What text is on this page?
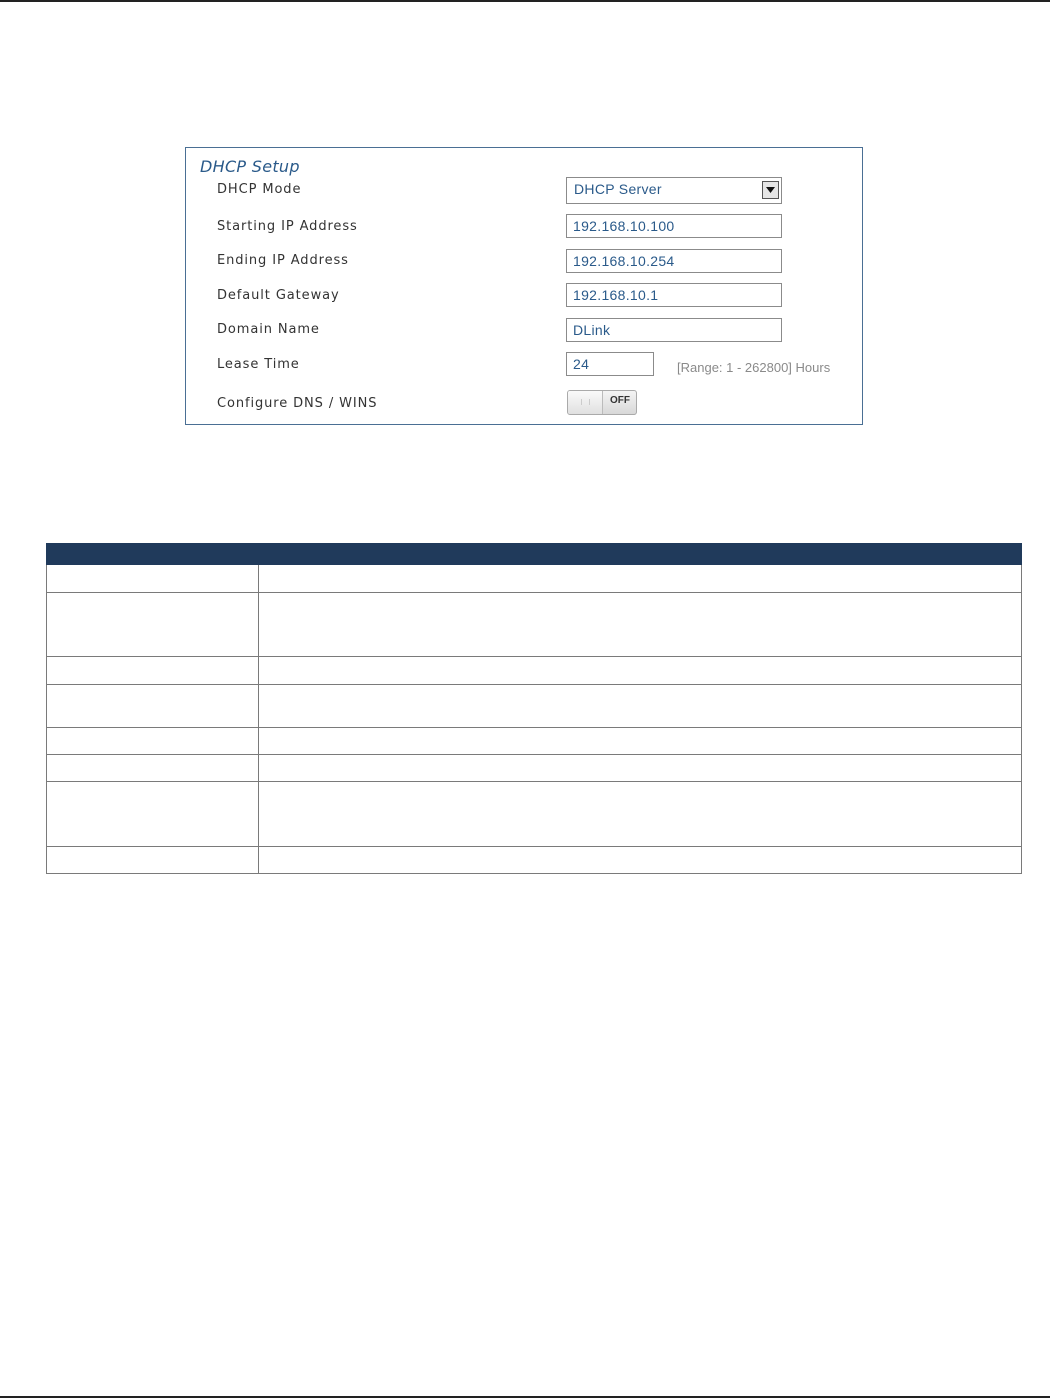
DHCP Setup
DHCP Mode	DHCP Server
Starting IP Address	192.168.10.100
Ending IP Address	192.168.10.254
Default Gateway	192.168.10.1
Domain Name	DLink
Lease Time	24	[Range: 1 - 262800] Hours
Configure DNS / WINS	OFF
